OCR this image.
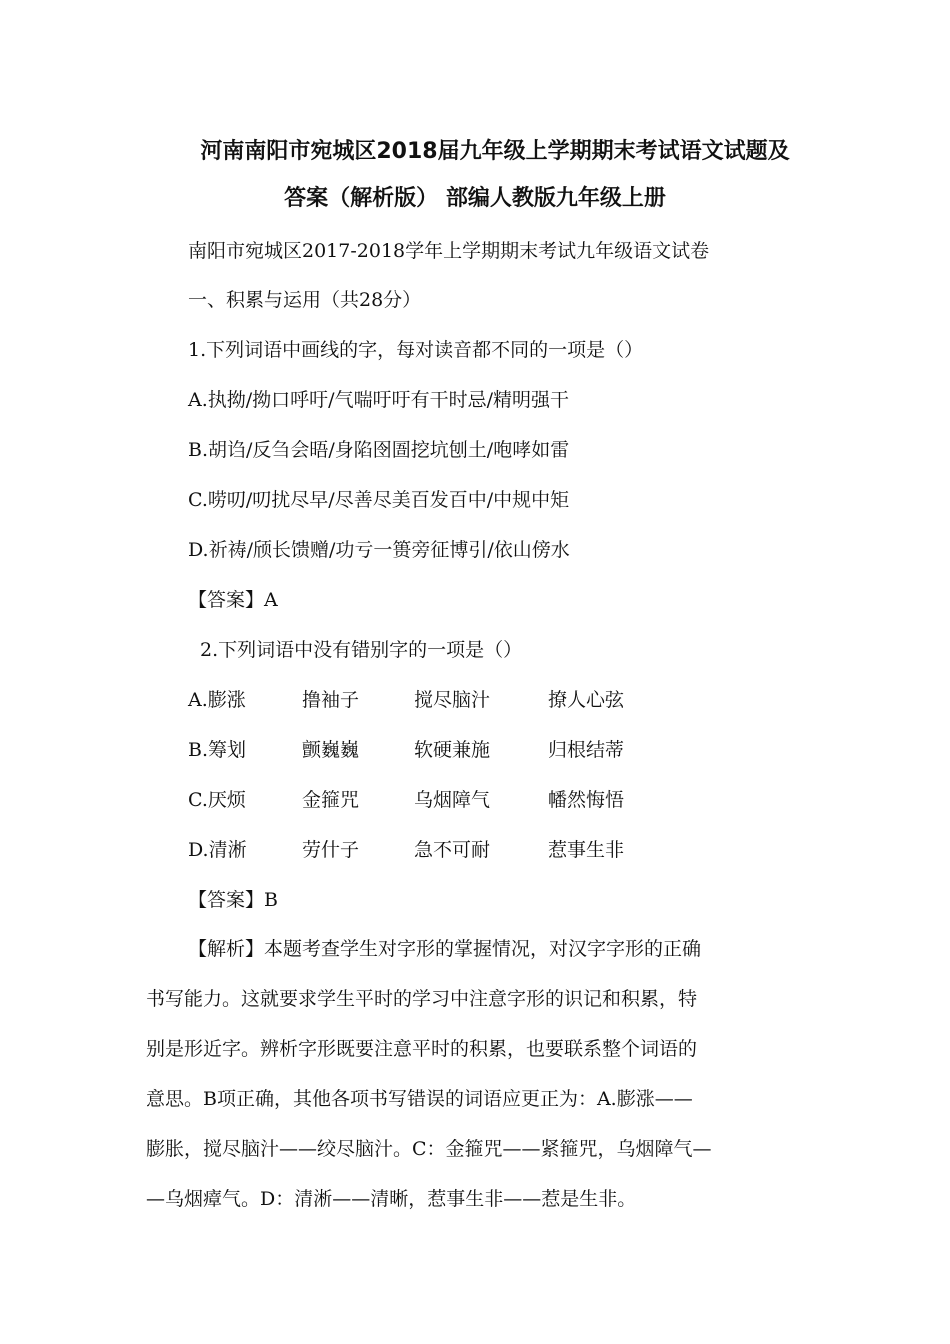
河南南阳市宛城区2018届九年级上学期期末考试语文试题及
答案（解析版） 部编人教版九年级上册
南阳市宛城区2017-2018学年上学期期末考试九年级语文试卷
一、积累与运用（共28分）
1.下列词语中画线的字，每对读音都不同的一项是（）
A.执拗/拗口呼吁/气喘吁吁有干时忌/精明强干
B.胡诌/反刍会晤/身陷囹圄挖坑刨土/咆哮如雷
C.唠叨/叨扰尽早/尽善尽美百发百中/中规中矩
D.祈祷/颀长馈赠/功亏一篑旁征博引/依山傍水
【答案】A
2.下列词语中没有错别字的一项是（）
A.膨涨	撸袖子	搅尽脑汁	撩人心弦
B.筹划	颤巍巍	软硬兼施	归根结蒂
C.厌烦	金箍咒	乌烟障气	幡然悔悟
D.清淅	劳什子	急不可耐	惹事生非
【答案】B
【解析】本题考查学生对字形的掌握情况，对汉字字形的正确
书写能力。这就要求学生平时的学习中注意字形的识记和积累，特
别是形近字。辨析字形既要注意平时的积累，也要联系整个词语的
意思。B项正确，其他各项书写错误的词语应更正为：A.膨涨——
膨胀，搅尽脑汁——绞尽脑汁。C：金箍咒——紧箍咒，乌烟障气—
—乌烟瘴气。D：清淅——清晰，惹事生非——惹是生非。
